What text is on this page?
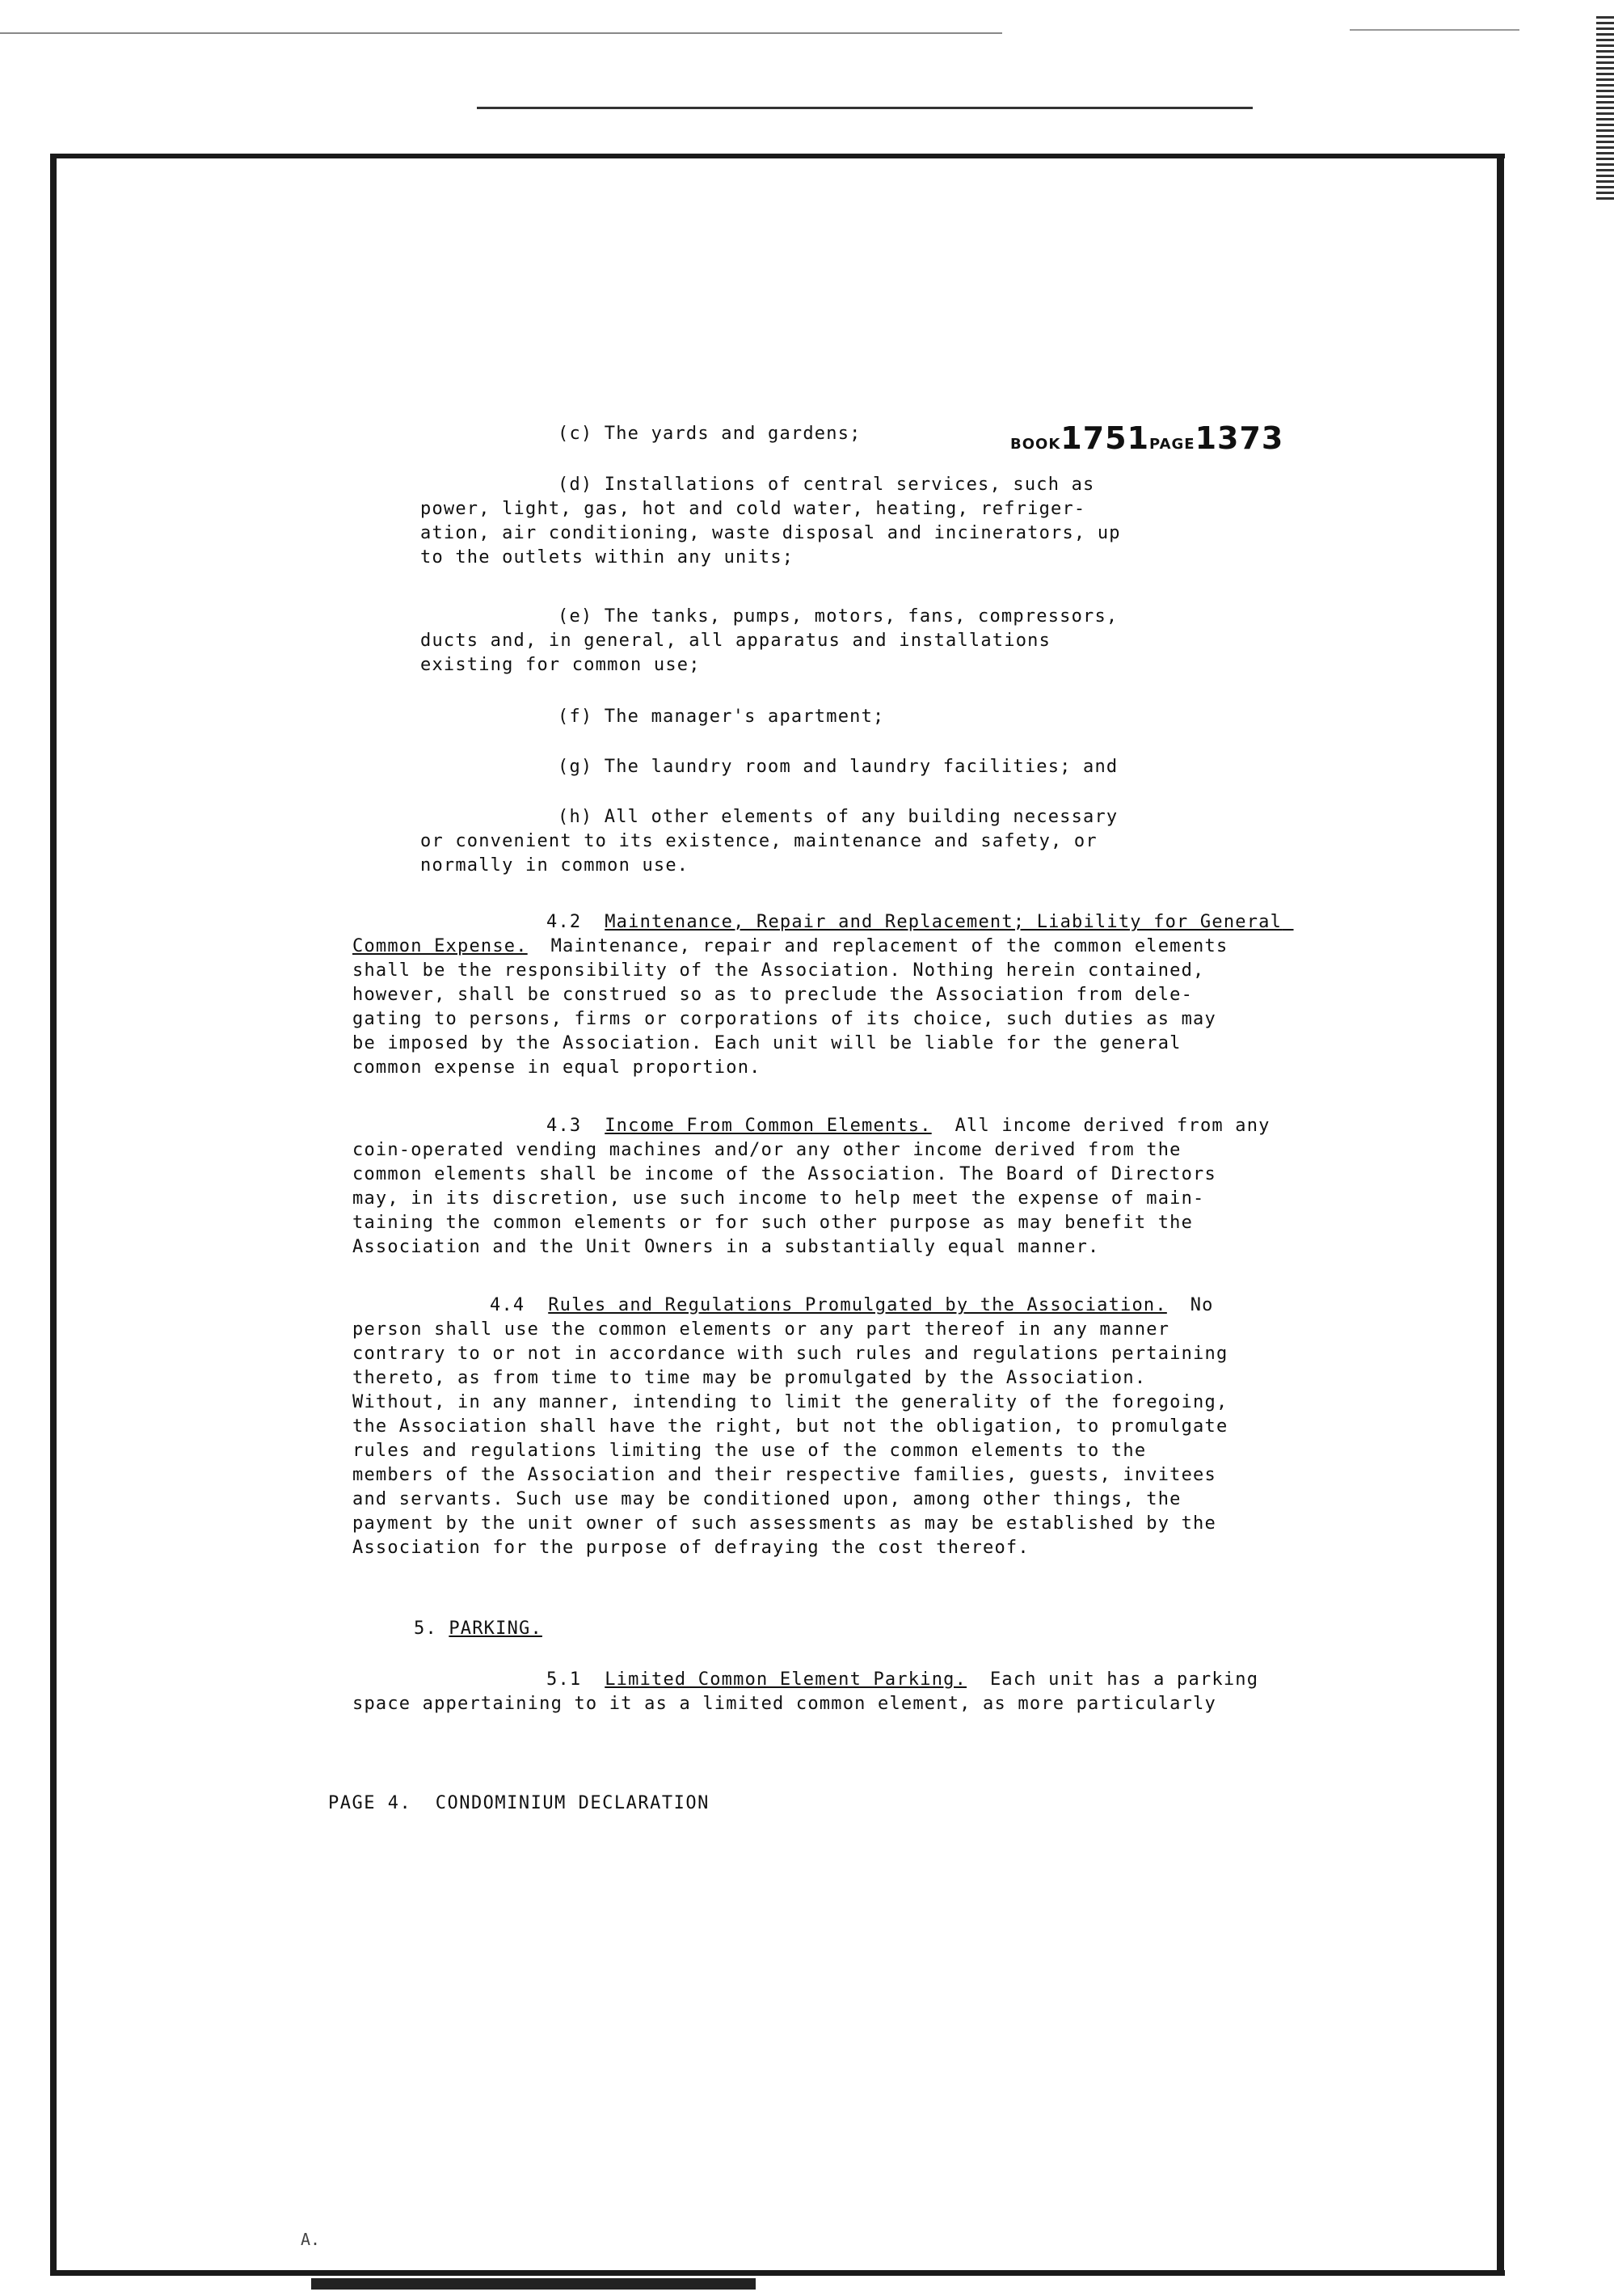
BOOK1751PAGE1373

(c) The yards and gardens;

(d) Installations of central services, such as

power, light, gas, hot and cold water, heating, refriger-
ation, air conditioning, waste disposal and incinerators, up
to the outlets within any units;

(e) The tanks, pumps, motors, fans, compressors,

ducts and, in general, all apparatus and installations
existing for common use;

(f) The manager's apartment;

(g) The laundry room and laundry facilities; and

(h) All other elements of any building necessary

or convenient to its existence, maintenance and safety, or
normally in common use.

4.2 Maintenance, Repair and Replacement; Liability for General Common Expense. Maintenance, repair and replacement of the common elements
shall be the responsibility of the Association. Nothing herein contained,
however, shall be construed so as to preclude the Association from dele-
gating to persons, firms or corporations of its choice, such duties as may
be imposed by the Association. Each unit will be liable for the general
common expense in equal proportion.
4.3 Income From Common Elements. All income derived from any
coin-operated vending machines and/or any other income derived from the
common elements shall be income of the Association. The Board of Directors
may, in its discretion, use such income to help meet the expense of main-
taining the common elements or for such other purpose as may benefit the
Association and the Unit Owners in a substantially equal manner.
4.4 Rules and Regulations Promulgated by the Association. No
person shall use the common elements or any part thereof in any manner
contrary to or not in accordance with such rules and regulations pertaining
thereto, as from time to time may be promulgated by the Association.
Without, in any manner, intending to limit the generality of the foregoing,
the Association shall have the right, but not the obligation, to promulgate
rules and regulations limiting the use of the common elements to the
members of the Association and their respective families, guests, invitees
and servants. Such use may be conditioned upon, among other things, the
payment by the unit owner of such assessments as may be established by the
Association for the purpose of defraying the cost thereof.
5. PARKING.
5.1 Limited Common Element Parking. Each unit has a parking
space appertaining to it as a limited common element, as more particularly
PAGE 4.  CONDOMINIUM DECLARATION
A.
